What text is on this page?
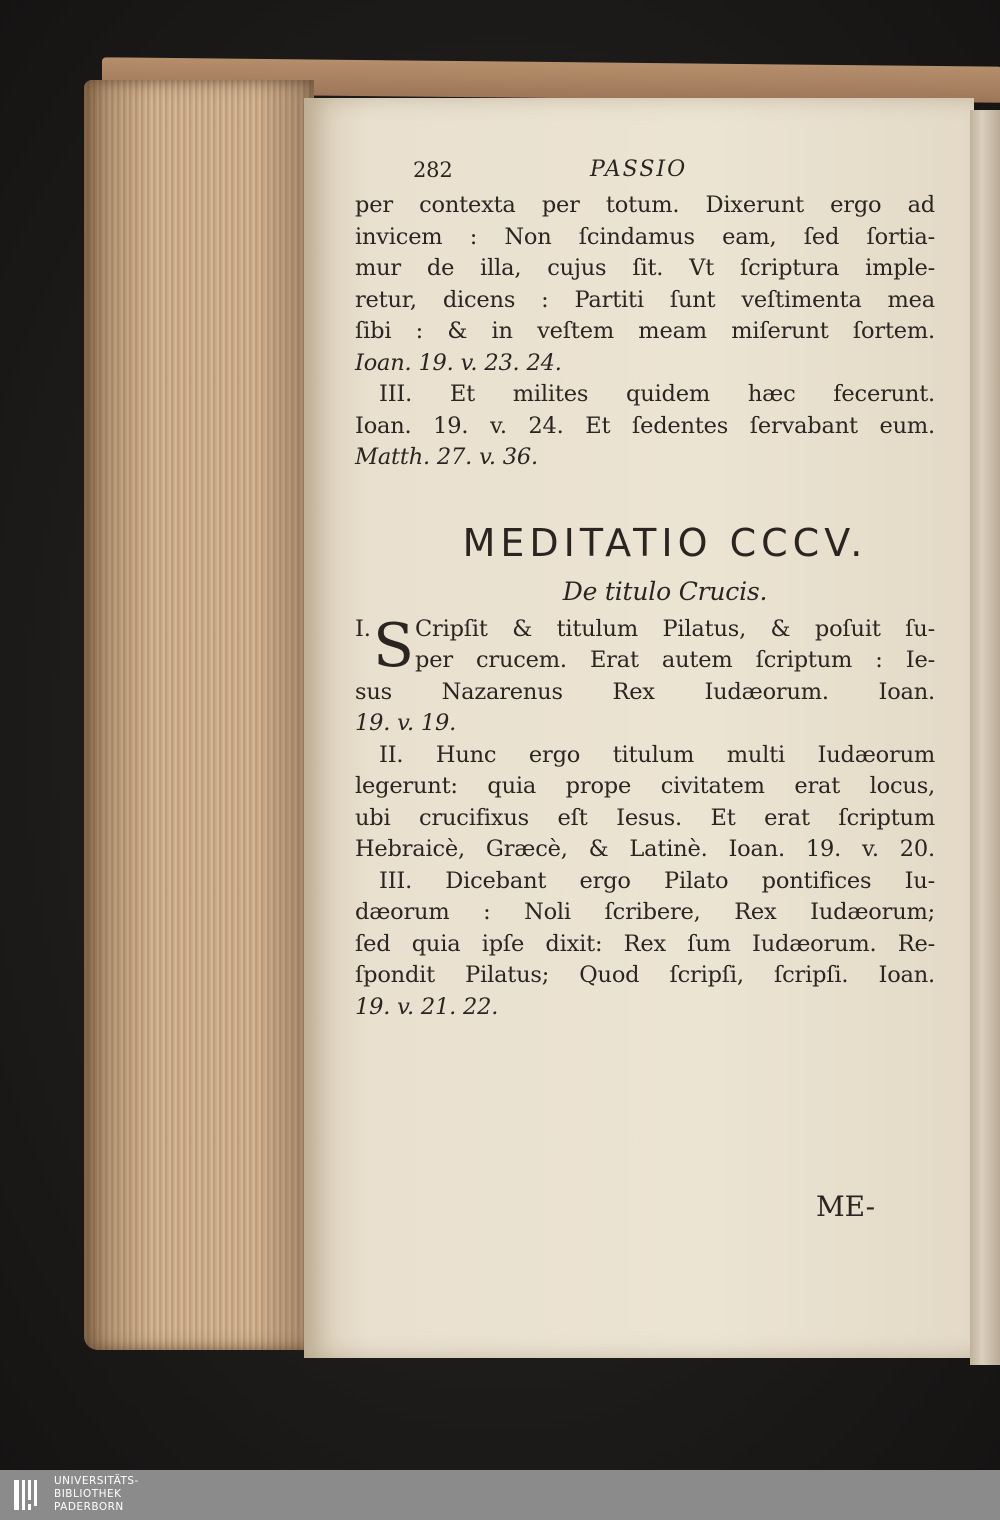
282	PASSIO
per contexta per totum. Dixerunt ergo ad
invicem : Non ſcindamus eam, ſed ſortia-
mur de illa, cujus ſit. Vt ſcriptura imple-
retur, dicens : Partiti ſunt veſtimenta mea
ſibi : & in veſtem meam miſerunt ſortem.
Ioan. 19. v. 23. 24.
III. Et milites quidem hæc fecerunt.
Ioan. 19. v. 24. Et ſedentes ſervabant eum.
Matth. 27. v. 36.
MEDITATIO CCCV.
De titulo Crucis.
I. Cripſit & titulum Pilatus, & poſuit ſu-
S per crucem. Erat autem ſcriptum : Ie-
sus Nazarenus Rex Iudæorum. Ioan.
19. v. 19.
II. Hunc ergo titulum multi Iudæorum
legerunt: quia prope civitatem erat locus,
ubi crucifixus eſt Iesus. Et erat ſcriptum
Hebraicè, Græcè, & Latinè. Ioan. 19. v. 20.
III. Dicebant ergo Pilato pontifices Iu-
dæorum : Noli ſcribere, Rex Iudæorum;
ſed quia ipſe dixit: Rex ſum Iudæorum. Re-
ſpondit Pilatus; Quod ſcripſi, ſcripſi. Ioan.
19. v. 21. 22.
ME-
UNIVERSITÄTS-
BIBLIOTHEK
PADERBORN
